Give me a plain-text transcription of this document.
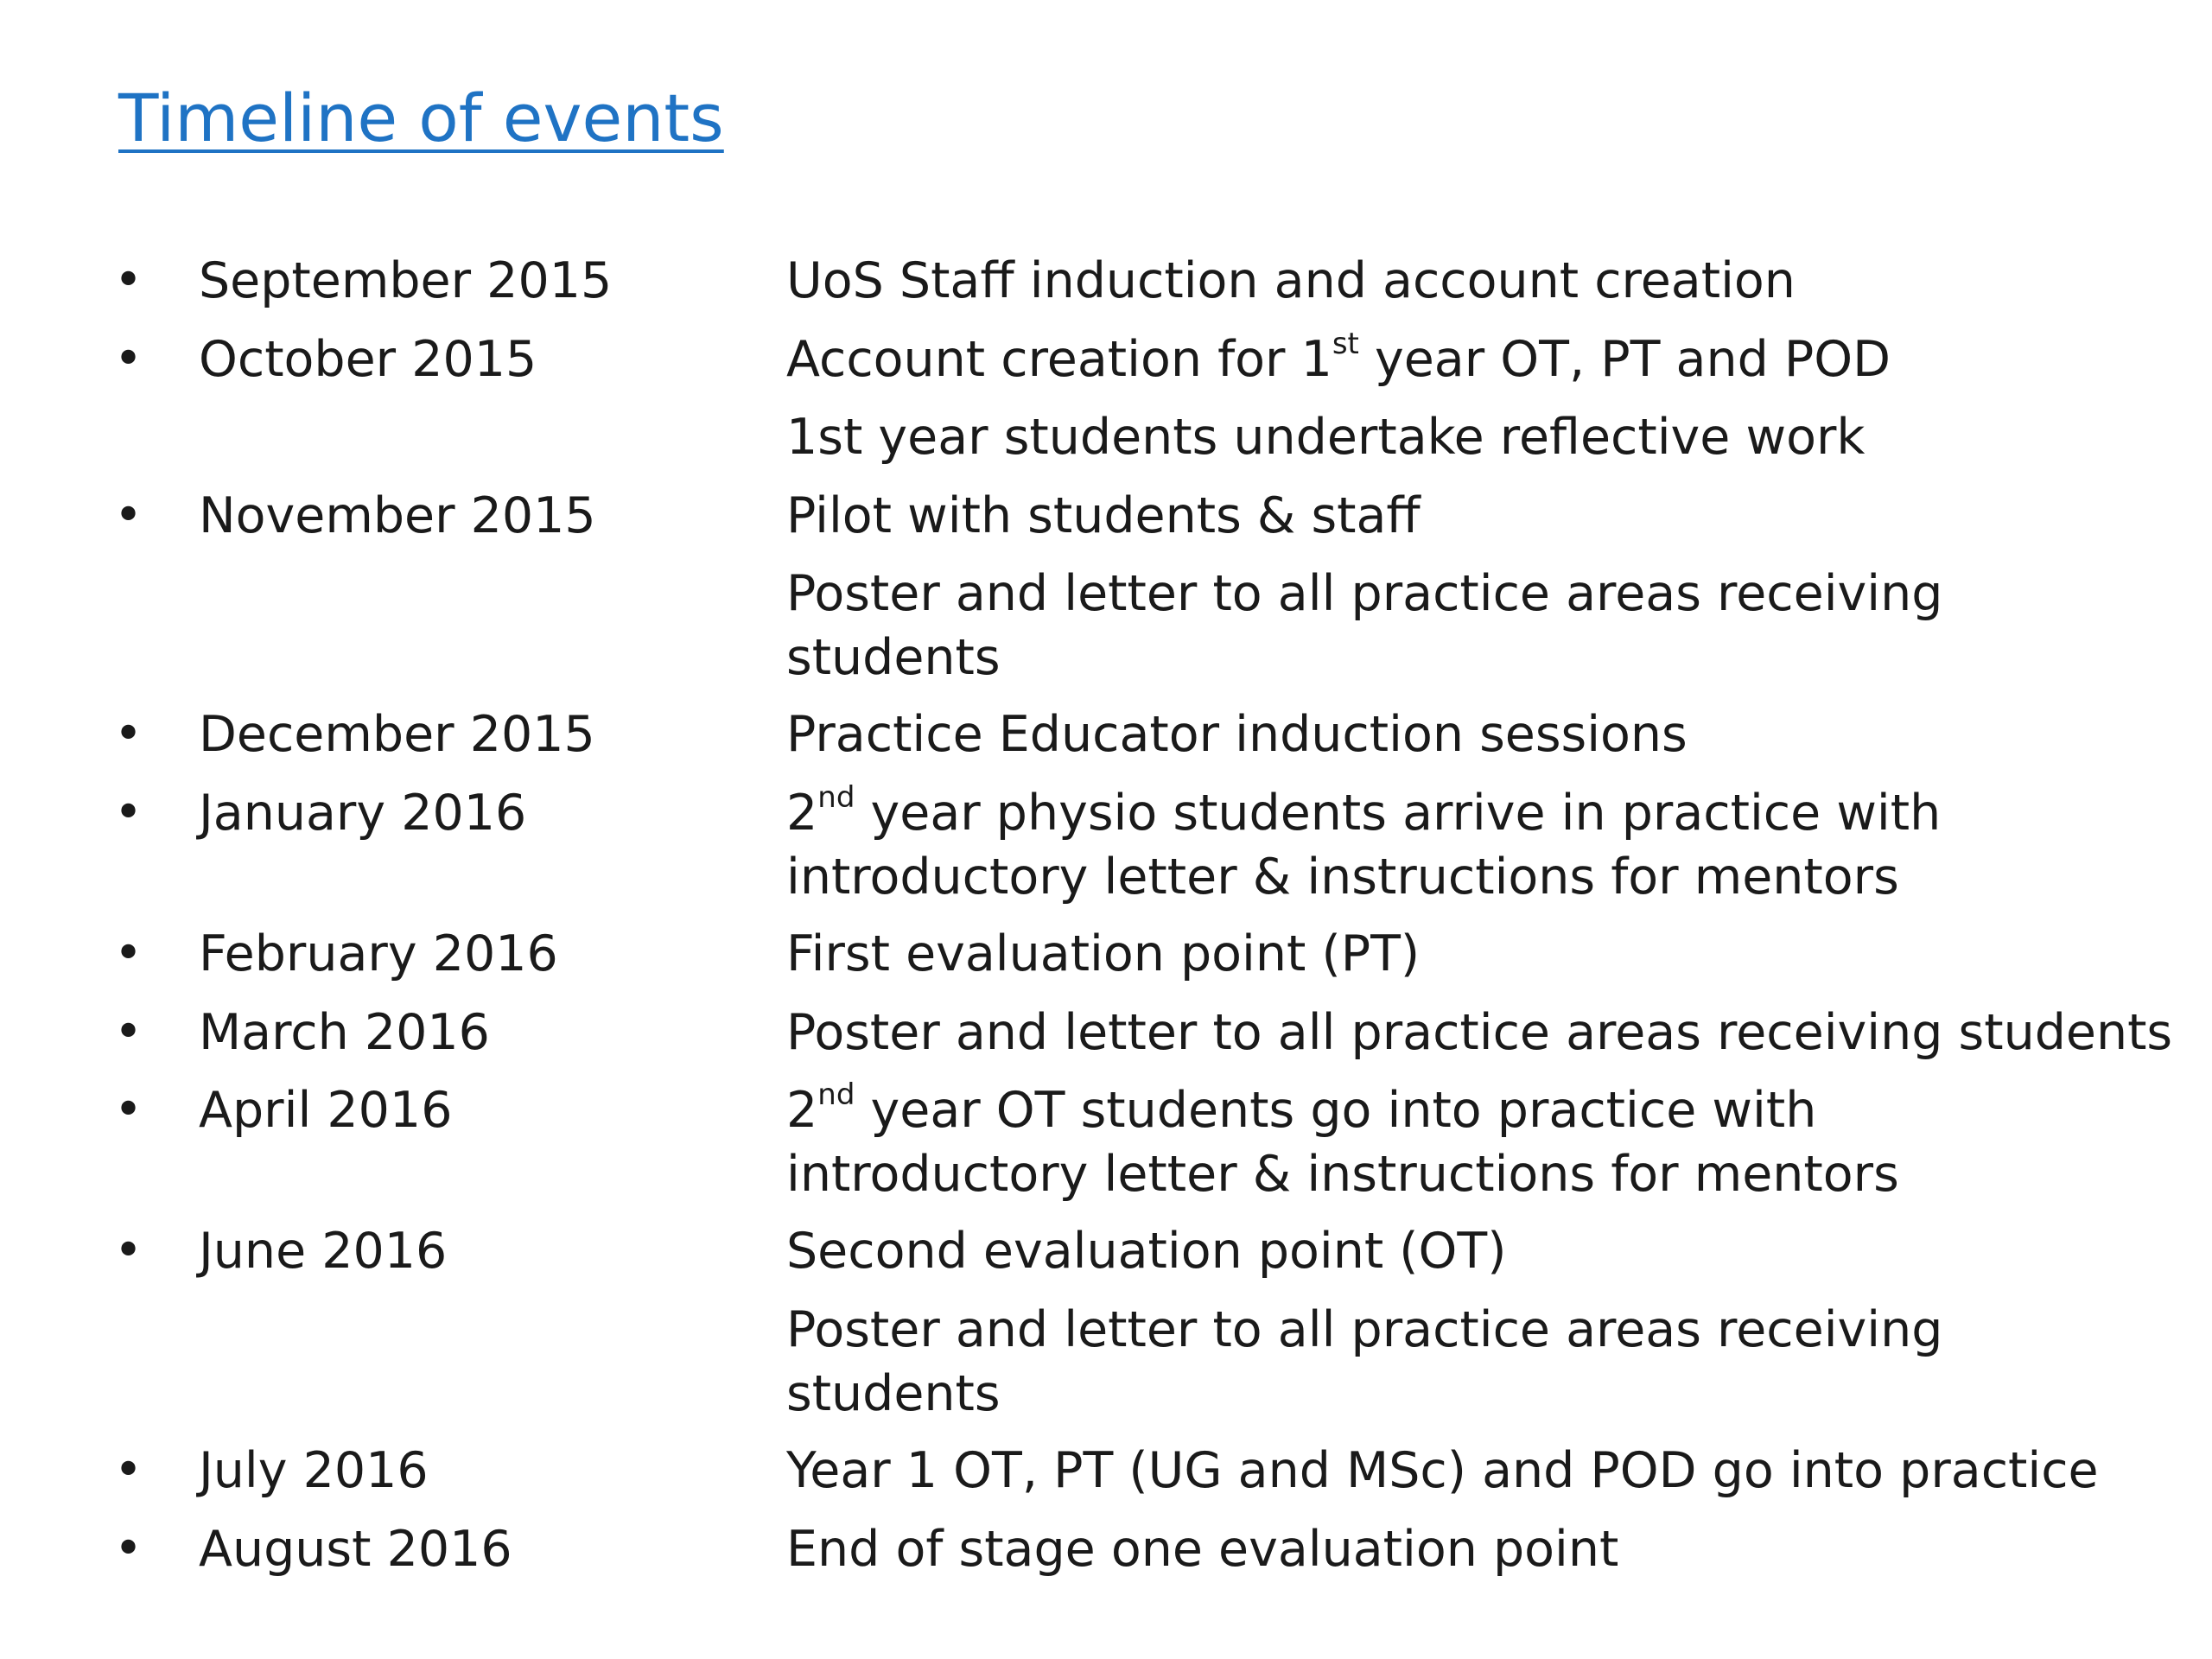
Timeline of events
• September 2015	UoS Staff induction and account creation
• October 2015	Account creation for 1st year OT, PT and POD
1st year students undertake reflective work
• November 2015	Pilot with students & staff
Poster and letter to all practice areas receiving
students
• December 2015	Practice Educator induction sessions
• January 2016	2nd year physio students arrive in practice with
introductory letter & instructions for mentors
• February 2016	First evaluation point (PT)
• March 2016	Poster and letter to all practice areas receiving students
• April 2016	2nd year OT students go into practice with
introductory letter & instructions for mentors
• June 2016	Second evaluation point (OT)
Poster and letter to all practice areas receiving
students
• July 2016	Year 1 OT, PT (UG and MSc) and POD go into practice
• August 2016	End of stage one evaluation point
